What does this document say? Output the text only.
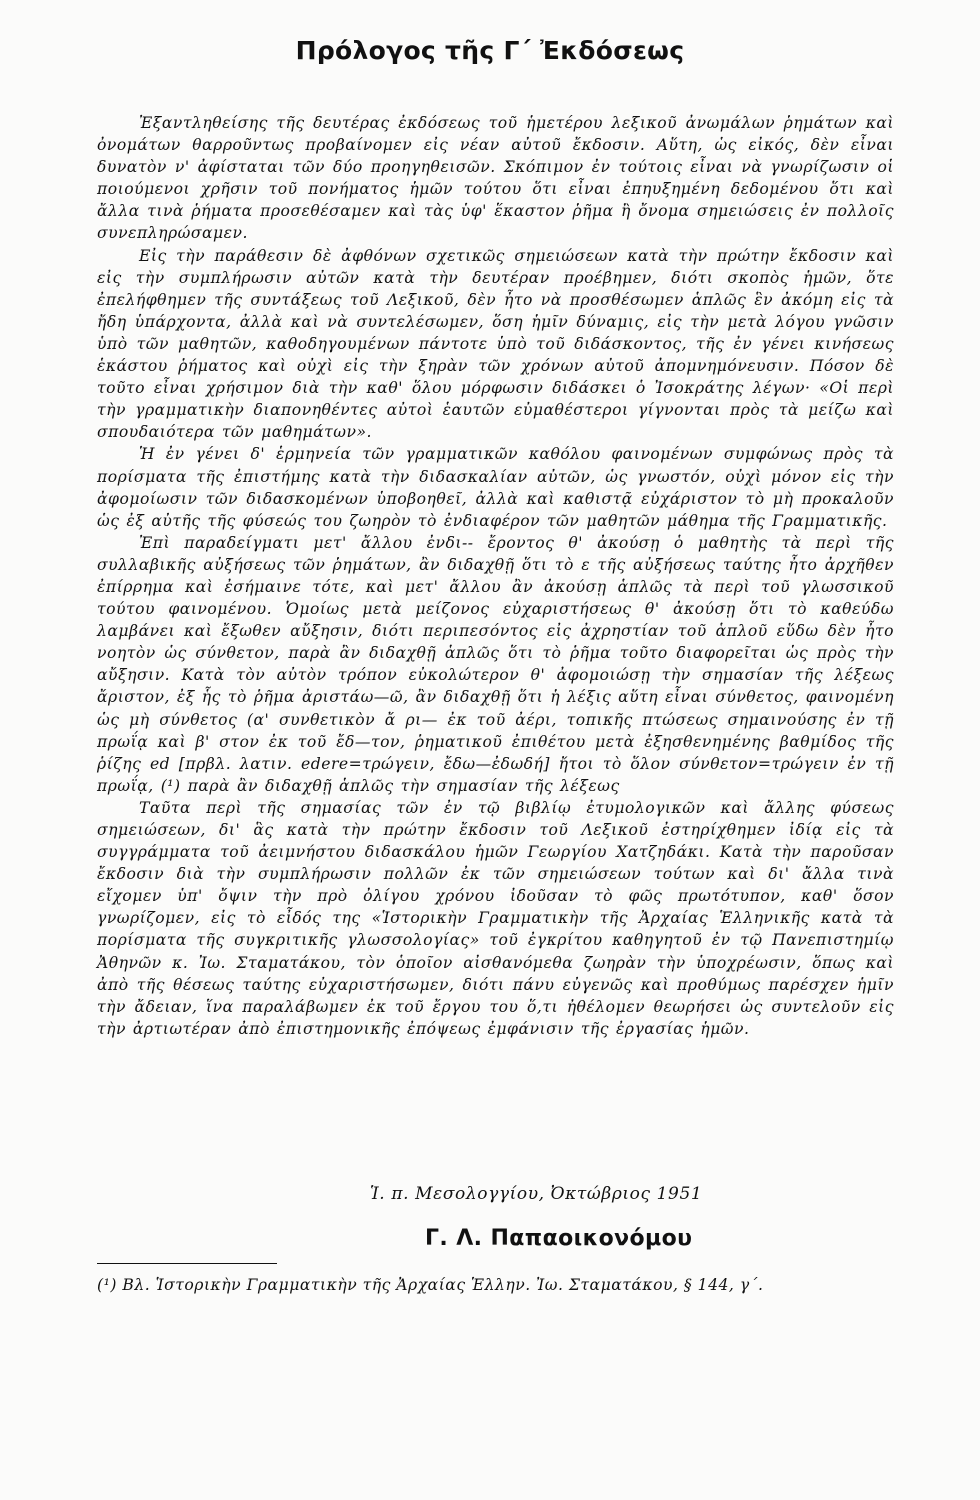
Πρόλογος τῆς Γ΄ Ἐκδόσεως

Ἐξαντληθείσης τῆς δευτέρας ἐκδόσεως τοῦ ἡμετέρου λεξικοῦ ἀνωμάλων ῥημάτων καὶ ὀνομάτων θαρροῦντως προβαίνομεν εἰς νέαν αὐτοῦ ἔκδοσιν. Αὕτη, ὡς εἰκός, δὲν εἶναι δυνατὸν ν' ἀφίσταται τῶν δύο προηγηθεισῶν. Σκόπιμον ἐν τούτοις εἶναι νὰ γνωρίζωσιν οἱ ποιούμενοι χρῆσιν τοῦ πονήματος ἡμῶν τούτου ὅτι εἶναι ἐπηυξημένη δεδομένου ὅτι καὶ ἄλλα τινὰ ῥήματα προσεθέσαμεν καὶ τὰς ὑφ' ἕκαστον ῥῆμα ἢ ὄνομα σημειώσεις ἐν πολλοῖς συνεπληρώσαμεν.

Εἰς τὴν παράθεσιν δὲ ἀφθόνων σχετικῶς σημειώσεων κατὰ τὴν πρώτην ἔκδοσιν καὶ εἰς τὴν συμπλήρωσιν αὐτῶν κατὰ τὴν δευτέραν προέβημεν, διότι σκοπὸς ἡμῶν, ὅτε ἐπελήφθημεν τῆς συντάξεως τοῦ Λεξικοῦ, δὲν ἦτο νὰ προσθέσωμεν ἁπλῶς ἓν ἀκόμη εἰς τὰ ἤδη ὑπάρχοντα, ἀλλὰ καὶ νὰ συντελέσωμεν, ὅση ἡμῖν δύναμις, εἰς τὴν μετὰ λόγου γνῶσιν ὑπὸ τῶν μαθητῶν, καθοδηγουμένων πάντοτε ὑπὸ τοῦ διδάσκοντος, τῆς ἐν γένει κινήσεως ἑκάστου ῥήματος καὶ οὐχὶ εἰς τὴν ξηρὰν τῶν χρόνων αὐτοῦ ἀπομνημόνευσιν. Πόσον δὲ τοῦτο εἶναι χρήσιμον διὰ τὴν καθ' ὅλου μόρφωσιν διδάσκει ὁ Ἰσοκράτης λέγων· «Οἱ περὶ τὴν γραμματικὴν διαπονηθέντες αὐτοὶ ἑαυτῶν εὐμαθέστεροι γίγνονται πρὸς τὰ μείζω καὶ σπουδαιότερα τῶν μαθημάτων».

Ἡ ἐν γένει δ' ἑρμηνεία τῶν γραμματικῶν καθόλου φαινομένων συμφώνως πρὸς τὰ πορίσματα τῆς ἐπιστήμης κατὰ τὴν διδασκαλίαν αὐτῶν, ὡς γνωστόν, οὐχὶ μόνον εἰς τὴν ἀφομοίωσιν τῶν διδασκομένων ὑποβοηθεῖ, ἀλλὰ καὶ καθιστᾷ εὐχάριστον τὸ μὴ προκαλοῦν ὡς ἐξ αὐτῆς τῆς φύσεώς του ζωηρὸν τὸ ἐνδιαφέρον τῶν μαθητῶν μάθημα τῆς Γραμματικῆς.

Ἐπὶ παραδείγματι μετ' ἄλλου ἐνδι-- ἔροντος θ' ἀκούσῃ ὁ μαθητὴς τὰ περὶ τῆς συλλαβικῆς αὐξήσεως τῶν ῥημάτων, ἂν διδαχθῇ ὅτι τὸ ε τῆς αὐξήσεως ταύτης ἦτο ἀρχῆθεν ἐπίρρημα καὶ ἐσήμαινε τότε, καὶ μετ' ἄλλου ἂν ἀκούσῃ ἁπλῶς τὰ περὶ τοῦ γλωσσικοῦ τούτου φαινομένου. Ὁμοίως μετὰ μείζονος εὐχαριστήσεως θ' ἀκούσῃ ὅτι τὸ καθεύδω λαμβάνει καὶ ἔξωθεν αὔξησιν, διότι περιπεσόντος εἰς ἀχρηστίαν τοῦ ἁπλοῦ εὕδω δὲν ἦτο νοητὸν ὡς σύνθετον, παρὰ ἂν διδαχθῇ ἁπλῶς ὅτι τὸ ῥῆμα τοῦτο διαφορεῖται ὡς πρὸς τὴν αὔξησιν. Κατὰ τὸν αὐτὸν τρόπον εὐκολώτερον θ' ἀφομοιώσῃ τὴν σημασίαν τῆς λέξεως ἄριστον, ἐξ ἧς τὸ ῥῆμα ἀριστάω—ῶ, ἂν διδαχθῇ ὅτι ἡ λέξις αὕτη εἶναι σύνθετος, φαινομένη ὡς μὴ σύνθετος (α' συνθετικὸν ἄ ρι— ἐκ τοῦ ἀέρι, τοπικῆς πτώσεως σημαινούσης ἐν τῇ πρωΐᾳ καὶ β' στον ἐκ τοῦ ἔδ—τον, ῥηματικοῦ ἐπιθέτου μετὰ ἐξησθενημένης βαθμίδος τῆς ῥίζης ed [πρβλ. λατιν. edere=τρώγειν, ἔδω—ἐδωδή] ἤτοι τὸ ὅλον σύνθετον=τρώγειν ἐν τῇ πρωΐᾳ, (¹) παρὰ ἂν διδαχθῇ ἁπλῶς τὴν σημασίαν τῆς λέξεως

Ταῦτα περὶ τῆς σημασίας τῶν ἐν τῷ βιβλίῳ ἐτυμολογικῶν καὶ ἄλλης φύσεως σημειώσεων, δι' ἃς κατὰ τὴν πρώτην ἔκδοσιν τοῦ Λεξικοῦ ἐστηρίχθημεν ἰδίᾳ εἰς τὰ συγγράμματα τοῦ ἀειμνήστου διδασκάλου ἡμῶν Γεωργίου Χατζηδάκι. Κατὰ τὴν παροῦσαν ἔκδοσιν διὰ τὴν συμπλήρωσιν πολλῶν ἐκ τῶν σημειώσεων τούτων καὶ δι' ἄλλα τινὰ εἴχομεν ὑπ' ὄψιν τὴν πρὸ ὀλίγου χρόνου ἰδοῦσαν τὸ φῶς πρωτότυπον, καθ' ὅσον γνωρίζομεν, εἰς τὸ εἶδός της «Ἱστορικὴν Γραμματικὴν τῆς Ἀρχαίας Ἑλληνικῆς κατὰ τὰ πορίσματα τῆς συγκριτικῆς γλωσσολογίας» τοῦ ἐγκρίτου καθηγητοῦ ἐν τῷ Πανεπιστημίῳ Ἀθηνῶν κ. Ἰω. Σταματάκου, τὸν ὁποῖον αἰσθανόμεθα ζωηρὰν τὴν ὑποχρέωσιν, ὅπως καὶ ἀπὸ τῆς θέσεως ταύτης εὐχαριστήσωμεν, διότι πάνυ εὐγενῶς καὶ προθύμως παρέσχεν ἡμῖν τὴν ἄδειαν, ἵνα παραλάβωμεν ἐκ τοῦ ἔργου του ὅ,τι ἠθέλομεν θεωρήσει ὡς συντελοῦν εἰς τὴν ἀρτιωτέραν ἀπὸ ἐπιστημονικῆς ἐπόψεως ἐμφάνισιν τῆς ἐργασίας ἡμῶν.

Ἱ. π. Μεσολογγίου, Ὀκτώβριος 1951

Γ. Λ. Παπαοικονόμου

(¹) Βλ. Ἱστορικὴν Γραμματικὴν τῆς Ἀρχαίας Ἑλλην. Ἰω. Σταματάκου, § 144, γ΄.
